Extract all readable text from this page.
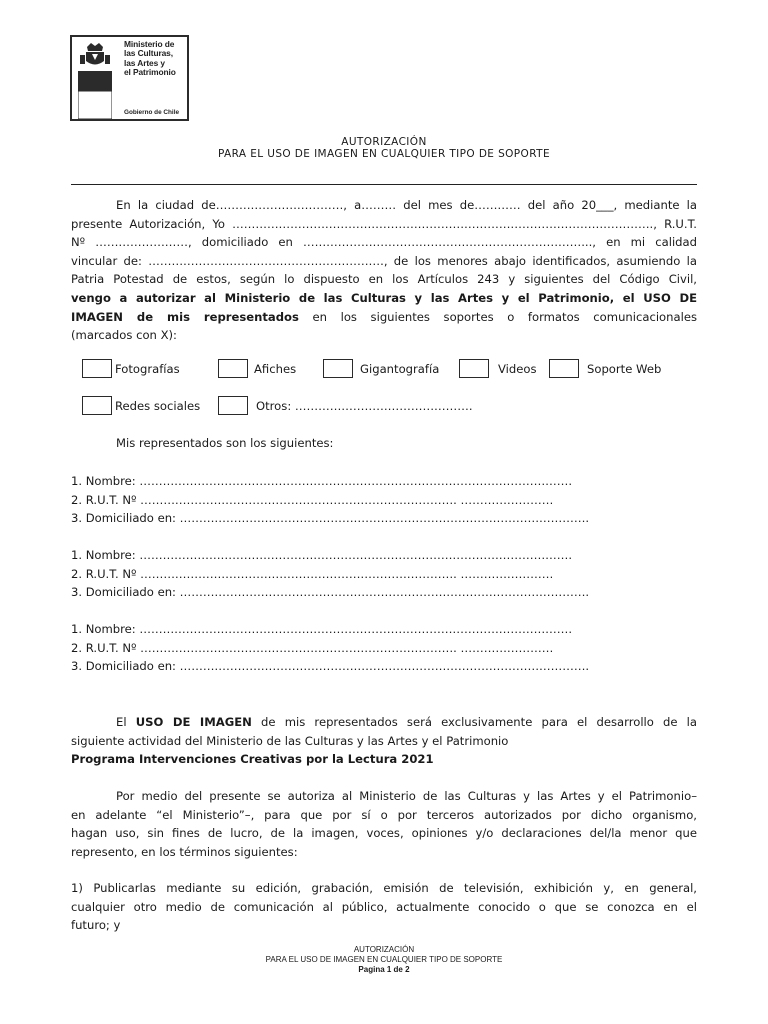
Ministerio de
las Culturas,
las Artes y
el Patrimonio
Gobierno de Chile
AUTORIZACIÓN
PARA EL USO DE IMAGEN EN CUALQUIER TIPO DE SOPORTE
En la ciudad de……………………………, a……… del mes de………… del año 20___, mediante la
presente Autorización, Yo ………………………………………………………………………………………………., R.U.T.
Nº ……………………, domiciliado en ………………………………………………………………..., en mi calidad
vincular de: ……………………………………………………., de los menores abajo identificados, asumiendo la
Patria Potestad de estos, según lo dispuesto en los Artículos 243 y siguientes del Código Civil,
vengo a autorizar al Ministerio de las Culturas y las Artes y el Patrimonio, el USO DE
IMAGEN de mis representados en los siguientes soportes o formatos comunicacionales
(marcados con X):
Fotografías	Afiches	Gigantografía	Videos	Soporte Web
Redes sociales	Otros: ……………………………………….
Mis representados son los siguientes:
1. Nombre: ………………………………………………………………………………………………….
2. R.U.T. Nº ………………………………………………………………………. ……………………
3. Domiciliado en: …………………………………………………………………………………………….
1. Nombre: ………………………………………………………………………………………………….
2. R.U.T. Nº ………………………………………………………………………. ……………………
3. Domiciliado en: …………………………………………………………………………………………….
1. Nombre: ………………………………………………………………………………………………….
2. R.U.T. Nº ………………………………………………………………………. ……………………
3. Domiciliado en: …………………………………………………………………………………………….
El USO DE IMAGEN de mis representados será exclusivamente para el desarrollo de la
siguiente actividad del Ministerio de las Culturas y las Artes y el Patrimonio
Programa Intervenciones Creativas por la Lectura 2021
Por medio del presente se autoriza al Ministerio de las Culturas y las Artes y el Patrimonio–
en adelante “el Ministerio”–, para que por sí o por terceros autorizados por dicho organismo,
hagan uso, sin fines de lucro, de la imagen, voces, opiniones y/o declaraciones del/la menor que
represento, en los términos siguientes:
1) Publicarlas mediante su edición, grabación, emisión de televisión, exhibición y, en general,
cualquier otro medio de comunicación al público, actualmente conocido o que se conozca en el
futuro; y
AUTORIZACIÓN
PARA EL USO DE IMAGEN EN CUALQUIER TIPO DE SOPORTE
Pagina 1 de 2
